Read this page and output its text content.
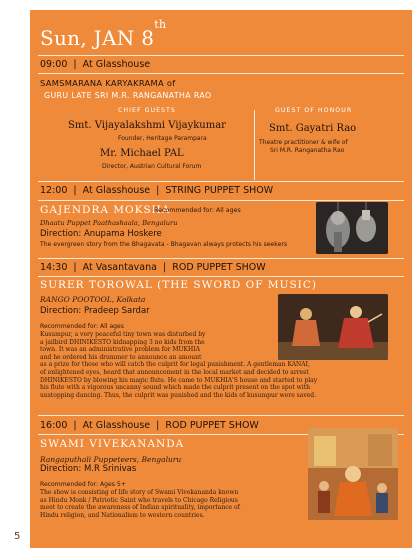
Sun, JAN 8th
09:00  |  At Glasshouse
SAMSMARANA KARYAKRAMA of
GURU LATE SRI M.R. RANGANATHA RAO
CHIEF GUESTS	GUEST OF HONOUR
Smt. Vijayalakshmi Vijaykumar
Founder, Heritage Parampara
Mr. Michael PAL
Director, Austrian Cultural Forum
Smt. Gayatri Rao
Theatre practitioner & wife of
Sri M.R. Ranganatha Rao
12:00  |  At Glasshouse  |  STRING PUPPET SHOW
GAJENDRA MOKSHA
Recommended for: All ages
Dhaatu Puppet Paathashaala, Bengaluru
Direction: Anupama Hoskere
The evergreen story from the Bhagavata - Bhagavan always protects his seekers
14:30  |  At Vasantavana  |  ROD PUPPET SHOW
SURER TOROWAL (THE SWORD OF MUSIC)
RANGO POOTOOL, Kolkata
Direction: Pradeep Sardar
Recommended for: All ages
Kusumpur, a very peaceful tiny town was disturbed by
a jailbird DHINIKESTO kidnapping 3 no kids from the
town. It was an administrative problem for MUKHIA
and he ordered his drummer to announce an amount
as a prize for those who will catch the culprit for legal punishment. A gentleman KANAI,
of enlightened eyes, heard that announcement in the local market and decided to arrest
DHINIKESTO by blowing his magic flute. He came to MUKHIA'S house and started to play
his flute with a vigorous uncanny sound which made the culprit present on the spot with
unstopping dancing. Thus, the culprit was punished and the kids of kusumpur were saved.
16:00  |  At Glasshouse  |  ROD PUPPET SHOW
SWAMI VIVEKANANDA
Rangaputhali Puppeteers, Bengaluru
Direction: M.R Srinivas
Recommended for: Ages 5+
The show is consisting of life story of Swami Vivekananda known
as Hindu Monk / Patriotic Saint who travels to Chicago Religious
meet to create the awareness of Indian spirituality, importance of
Hindu religion, and Nationalism to western countries.
5
